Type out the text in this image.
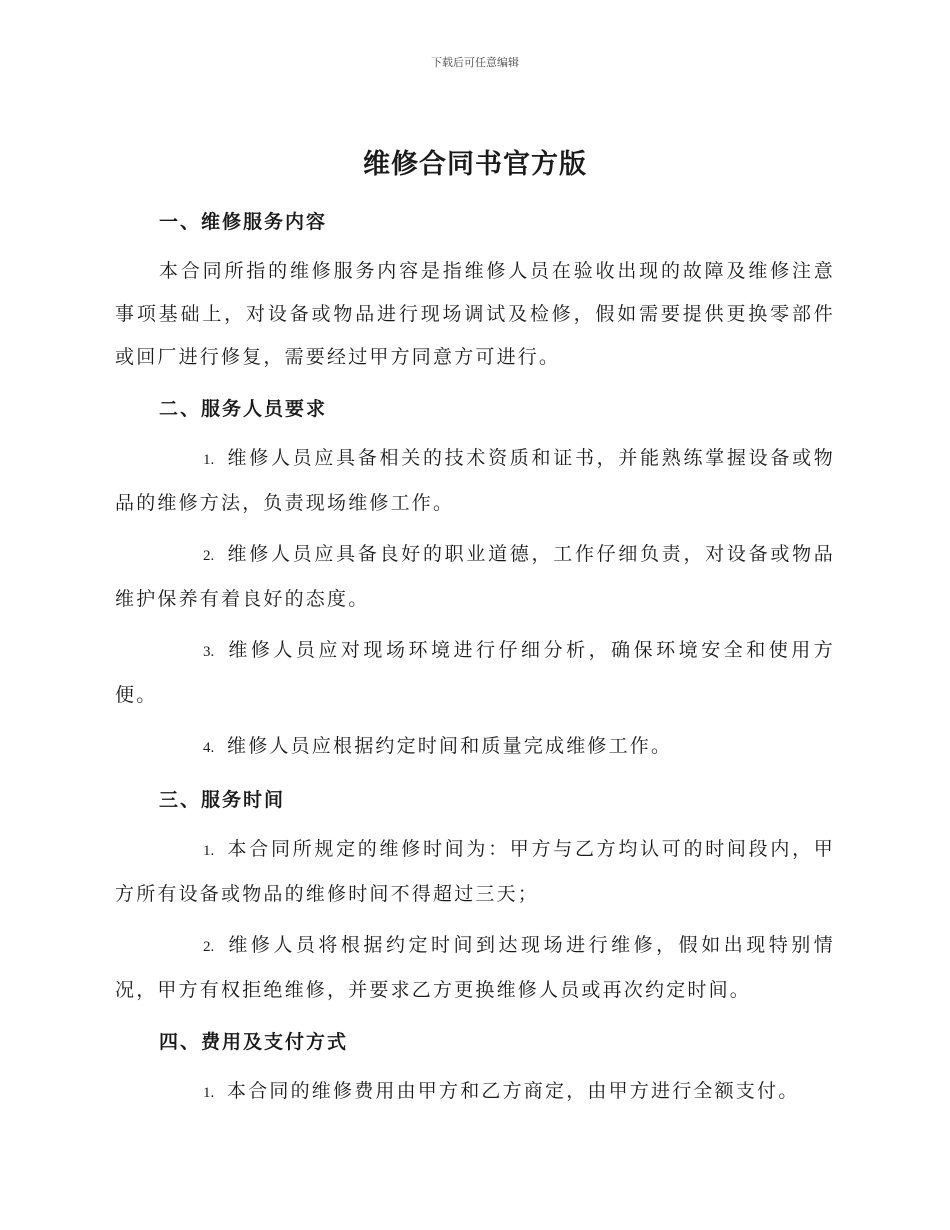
下载后可任意编辑
维修合同书官方版
一、维修服务内容

本合同所指的维修服务内容是指维修人员在验收出现的故障及维修注意事项基础上，对设备或物品进行现场调试及检修，假如需要提供更换零部件或回厂进行修复，需要经过甲方同意方可进行。

二、服务人员要求

1. 维修人员应具备相关的技术资质和证书，并能熟练掌握设备或物品的维修方法，负责现场维修工作。

2. 维修人员应具备良好的职业道德，工作仔细负责，对设备或物品维护保养有着良好的态度。

3. 维修人员应对现场环境进行仔细分析，确保环境安全和使用方便。

4. 维修人员应根据约定时间和质量完成维修工作。

三、服务时间

1. 本合同所规定的维修时间为：甲方与乙方均认可的时间段内，甲方所有设备或物品的维修时间不得超过三天；

2. 维修人员将根据约定时间到达现场进行维修，假如出现特别情况，甲方有权拒绝维修，并要求乙方更换维修人员或再次约定时间。

四、费用及支付方式

1. 本合同的维修费用由甲方和乙方商定，由甲方进行全额支付。
